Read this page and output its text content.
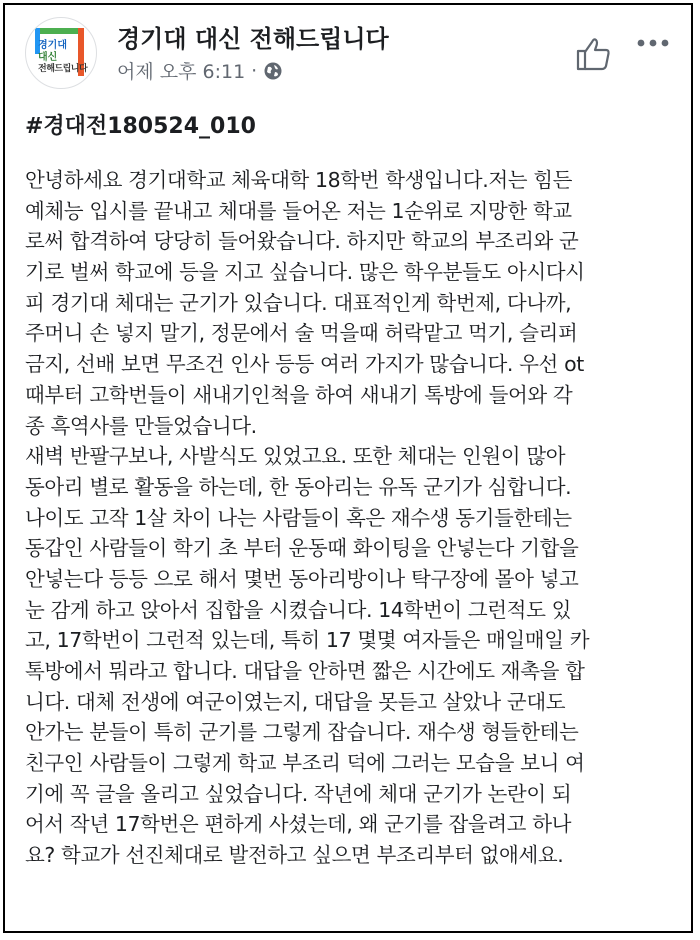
경기대
대신
전해드립니다
경기대 대신 전해드립니다
어제 오후 6:11 ·
#경대전180524_010
안녕하세요 경기대학교 체육대학 18학번 학생입니다.저는 힘든
예체능 입시를 끝내고 체대를 들어온 저는 1순위로 지망한 학교
로써 합격하여 당당히 들어왔습니다. 하지만 학교의 부조리와 군
기로 벌써 학교에 등을 지고 싶습니다. 많은 학우분들도 아시다시
피 경기대 체대는 군기가 있습니다. 대표적인게 학번제, 다나까,
주머니 손 넣지 말기, 정문에서 술 먹을때 허락맡고 먹기, 슬리퍼
금지, 선배 보면 무조건 인사 등등 여러 가지가 많습니다. 우선 ot
때부터 고학번들이 새내기인척을 하여 새내기 톡방에 들어와 각
종 흑역사를 만들었습니다.
새벽 반팔구보나, 사발식도 있었고요. 또한 체대는 인원이 많아
동아리 별로 활동을 하는데, 한 동아리는 유독 군기가 심합니다.
나이도 고작 1살 차이 나는 사람들이 혹은 재수생 동기들한테는
동갑인 사람들이 학기 초 부터 운동때 화이팅을 안넣는다 기합을
안넣는다 등등 으로 해서 몇번 동아리방이나 탁구장에 몰아 넣고
눈 감게 하고 앉아서 집합을 시켰습니다. 14학번이 그런적도 있
고, 17학번이 그런적 있는데, 특히 17 몇몇 여자들은 매일매일 카
톡방에서 뭐라고 합니다. 대답을 안하면 짧은 시간에도 재촉을 합
니다. 대체 전생에 여군이였는지, 대답을 못듣고 살았나 군대도
안가는 분들이 특히 군기를 그렇게 잡습니다. 재수생 형들한테는
친구인 사람들이 그렇게 학교 부조리 덕에 그러는 모습을 보니 여
기에 꼭 글을 올리고 싶었습니다. 작년에 체대 군기가 논란이 되
어서 작년 17학번은 편하게 사셨는데, 왜 군기를 잡을려고 하나
요? 학교가 선진체대로 발전하고 싶으면 부조리부터 없애세요.
